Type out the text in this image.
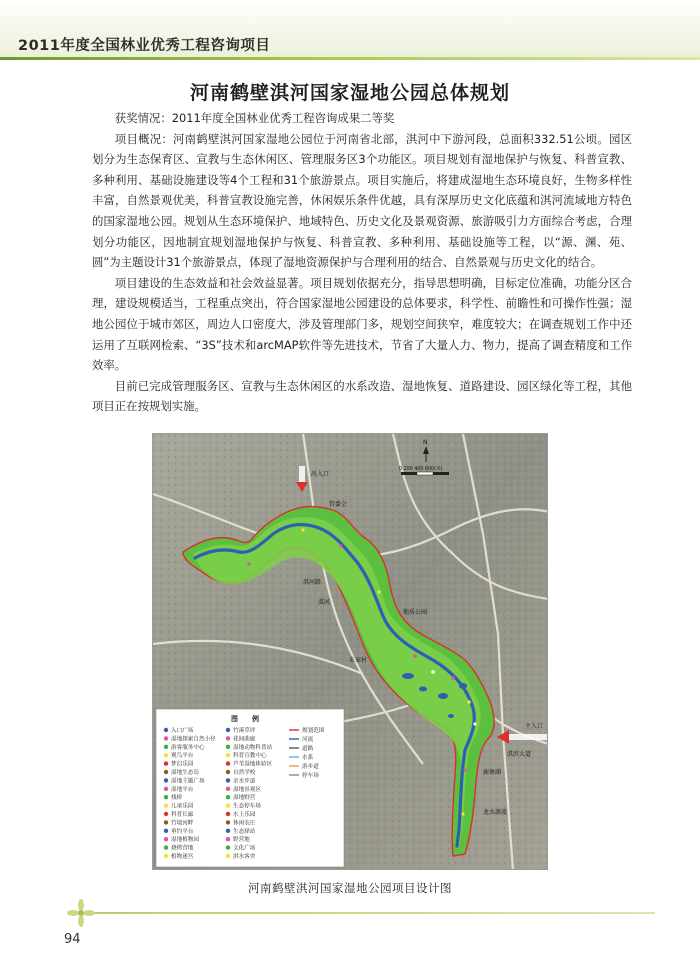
2011年度全国林业优秀工程咨询项目
河南鹤壁淇河国家湿地公园总体规划

获奖情况：2011年度全国林业优秀工程咨询成果二等奖

项目概况：河南鹤壁淇河国家湿地公园位于河南省北部，淇河中下游河段，总面积332.51公顷。园区划分为生态保育区、宣教与生态休闲区、管理服务区3个功能区。项目规划有湿地保护与恢复、科普宣教、多种利用、基础设施建设等4个工程和31个旅游景点。项目实施后，将建成湿地生态环境良好，生物多样性丰富，自然景观优美，科普宣教设施完善，休闲娱乐条件优越，具有深厚历史文化底蕴和淇河流域地方特色的国家湿地公园。规划从生态环境保护、地域特色、历史文化及景观资源、旅游吸引力方面综合考虑，合理划分功能区，因地制宜规划湿地保护与恢复、科普宣教、多种利用、基础设施等工程，以“源、渊、苑、圆”为主题设计31个旅游景点，体现了湿地资源保护与合理利用的结合、自然景观与历史文化的结合。

项目建设的生态效益和社会效益显著。项目规划依据充分，指导思想明确，目标定位准确，功能分区合理，建设规模适当，工程重点突出，符合国家湿地公园建设的总体要求，科学性、前瞻性和可操作性强；湿地公园位于城市郊区，周边人口密度大，涉及管理部门多，规划空间狭窄，难度较大；在调查规划工作中还运用了互联网检索、“3S”技术和arcMAP软件等先进技术，节省了大量人力、物力，提高了调查精度和工作效率。

目前已完成管理服务区、宣教与生态休闲区的水系改造、湿地恢复、道路建设、园区绿化等工程，其他项目正在按规划实施。

出入口
主入口
N
0 200 400 600(米)
管委会
淇河路
淇河
地质公园
朱家村
淇滨大道
鹿塘湖
龙水源流
图　　例
入口广场
湿地探索自然小径
游客服务中心
观鸟平台
梦幻乐园
湿地生态岛
湿地主题广场
湿地平台
栈桥
儿童乐园
科普长廊
竹境河畔
垂钓平台
湿地植物园
烧烤营地
植物迷宫
竹溪草坪
花间曲廊
湿地动物科普站
科普宣教中心
芦苇湿地体验区
自然学校
亲水步道
湿地景观区
湿地野营
生态停车场
水上乐园
休闲农庄
生态驿站
野营地
文化广场
淇水客舍
规划范围
河流
道路
水系
游步道
停车场
河南鹤壁淇河国家湿地公园项目设计图
94
